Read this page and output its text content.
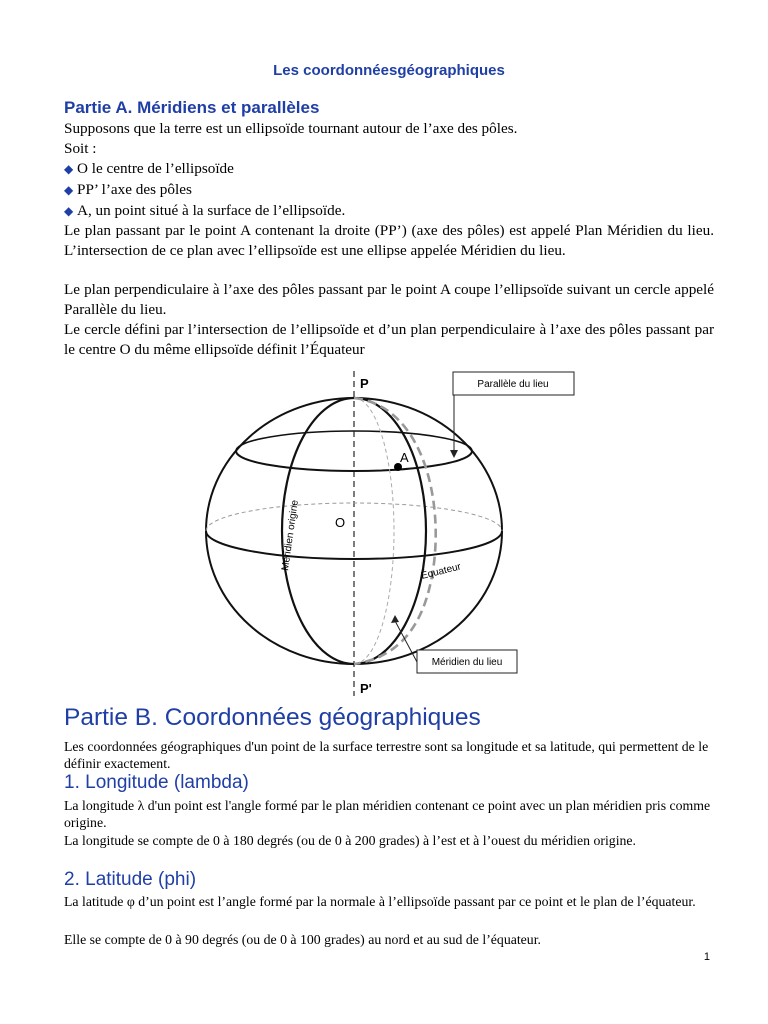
Les coordonnéesgéographiques
Partie A. Méridiens et parallèles
Supposons que la terre est un ellipsoïde tournant autour de l’axe des pôles.
Soit :
◆ O le centre de l’ellipsoïde
◆ PP’ l’axe des pôles
◆ A, un point situé à la surface de l’ellipsoïde.
Le plan passant par le point A contenant la droite (PP’) (axe des pôles) est appelé Plan Méridien du lieu. L’intersection de ce plan avec l’ellipsoïde est une ellipse appelée Méridien du lieu.
Le plan perpendiculaire à l’axe des pôles passant par le point A coupe l’ellipsoïde suivant un cercle appelé Parallèle du lieu.
Le cercle défini par l’intersection de l’ellipsoïde et d’un plan perpendiculaire à l’axe des pôles passant par le centre O du même ellipsoïde définit l’Équateur
Partie B. Coordonnées géographiques
Les coordonnées géographiques d'un point de la surface terrestre sont sa longitude et sa latitude, qui permettent de le définir exactement.
1. Longitude (lambda)
La longitude λ d'un point est l'angle formé par le plan méridien contenant ce point avec un plan méridien pris comme origine.
La longitude se compte de 0 à 180 degrés (ou de 0 à 200 grades) à l’est et à l’ouest du méridien origine.
2. Latitude (phi)
La latitude φ d’un point est l’angle formé par la normale à l’ellipsoïde passant par ce point et le plan de l’équateur.
Elle se compte de 0 à 90 degrés (ou de 0 à 100 grades) au nord et au sud de l’équateur.
Parallèle du lieu
Méridien du lieu
P
P'
A
O
Équateur
Méridien origine
1
